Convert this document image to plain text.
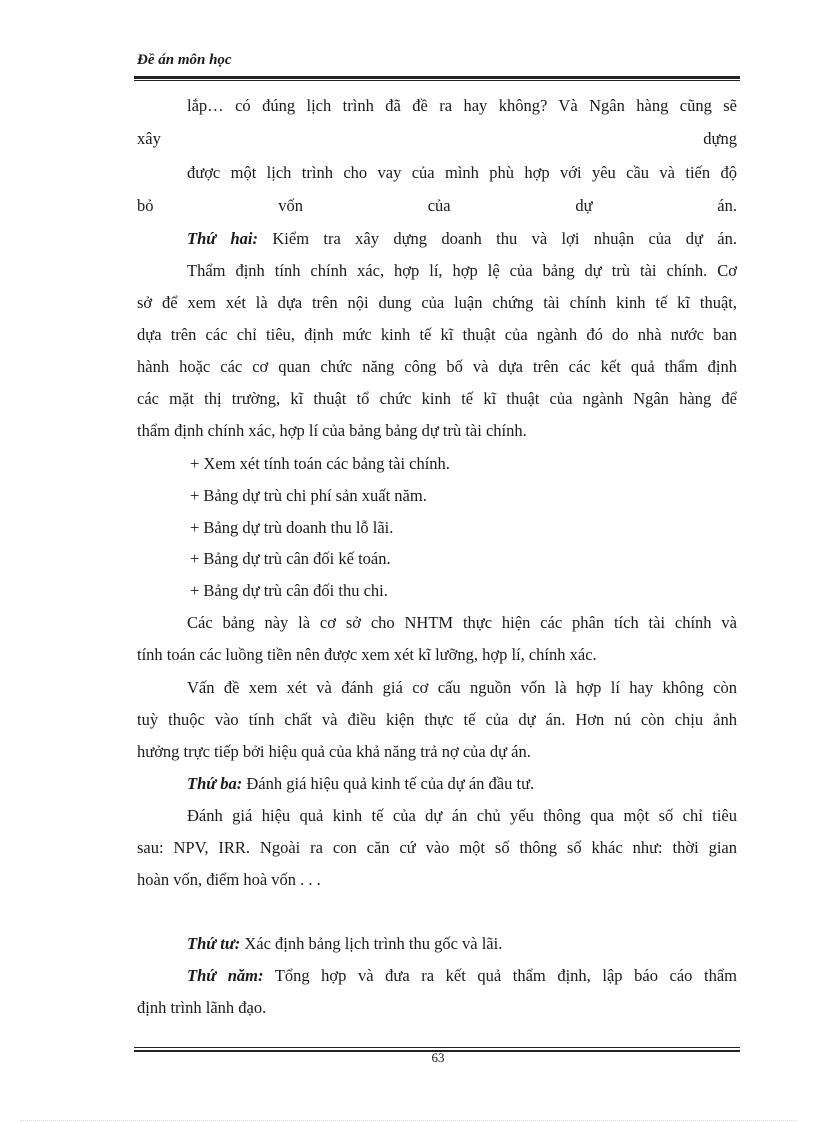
Đề án môn học
lắp… có đúng lịch trình đã đề ra hay không? Và Ngân hàng cũng sẽ
xây dựng
được một lịch trình cho vay của mình phù hợp với yêu cầu và tiến độ
bỏ vốn của dự án.
Thứ hai: Kiểm tra xây dựng doanh thu và lợi nhuận của dự án.
Thẩm định tính chính xác, hợp lí, hợp lệ của bảng dự trù tài chính. Cơ
sở để xem xét là dựa trên nội dung của luận chứng tài chính kinh tế kĩ thuật,
dựa trên các chỉ tiêu, định mức kinh tế kĩ thuật của ngành đó do nhà nước ban
hành hoặc các cơ quan chức năng công bố và dựa trên các kết quả thẩm định
các mặt thị trường, kĩ thuật tổ chức kinh tế kĩ thuật của ngành Ngân hàng để
thẩm định chính xác, hợp lí của bảng bảng dự trù tài chính.
+ Xem xét tính toán các bảng tài chính.
+ Bảng dự trù chi phí sản xuất năm.
+ Bảng dự trù doanh thu lỗ lãi.
+ Bảng dự trù cân đối kế toán.
+ Bảng dự trù cân đối thu chi.
Các bảng này là cơ sở cho NHTM thực hiện các phân tích tài chính và
tính toán các luồng tiền nên được xem xét kĩ lưỡng, hợp lí, chính xác.
Vấn đề xem xét và đánh giá cơ cấu nguồn vốn là hợp lí hay không còn
tuỳ thuộc vào tính chất và điều kiện thực tế của dự án. Hơn nú còn chịu ảnh
hưởng trực tiếp bởi hiệu quả của khả năng trả nợ của dự án.
Thứ ba: Đánh giá hiệu quả kinh tế của dự án đầu tư.
Đánh giá hiệu quả kinh tế của dự án chủ yếu thông qua một số chỉ tiêu
sau: NPV, IRR. Ngoài ra con căn cứ vào một số thông số khác như: thời gian
hoàn vốn, điểm hoà vốn . . .
Thứ tư: Xác định bảng lịch trình thu gốc và lãi.
Thứ năm: Tổng hợp và đưa ra kết quả thẩm định, lập báo cáo thẩm
định trình lãnh đạo.
63
